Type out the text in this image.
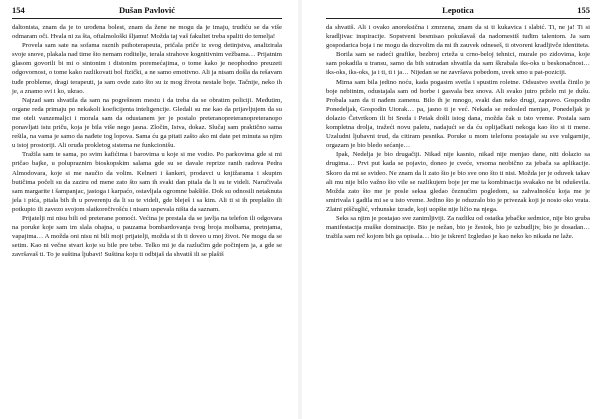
154	Dušan Pavlović

daltonista, znam da je to urođena bolest, znam da ženе ne mogu da je imaju, trudiću se da više odmaram oči. Hvala ni za šta, oftalmološki šljamu! Možda taj vaš fakultet treba spaliti do temelja!

Provela sam sate na sofama raznih psihoterapeuta, pričala priče iz svog detinjstva, analizirala svoje snove, plakala nad time što nemam roditelje, terala strahove kognitivnim vežbama… Prijatnim glasom govorili bi mi o sintonim i distonim poremećajima, o tome kako je neophodno preuzeti odgovornost, o tome kako razlikovati bol fizički, a ne samo emotivno. Ali ja nisam došla da rešavam tuđe probleme, dragi terapeuti, ja sam ovde zato što su iz mog života nestale boje. Tačnije, neko ih je, a znamo svi i ko, ukrao.

Najzad sam shvatila da sam na pogrešnom mestu i da treba da se obratim policiji. Međutim, organe reda primaju po nekakoli koeficijenta inteligencije. Gledali su me kao da prijavljujem da su me oteli vanzemaljci i morala sam da odustanem jer je postalo preteranopreteranopreteranopo ponavljati istu priču, koja je bila više nego jasna. Zločin, Istva, dokaz. Slučaj sam praktično sama rešila, na vama je samo da nađete tog lopova. Sama ću ga pitati zašto ako mi date pet minuta sa njim u istoj prostoriji. Ali oruđa prokletog sistema ne funkcionišu.

Tražila sam te sama, po svim kafićima i barovima u koje si me vodio. Po parkovima gde si mi pričao bajke, u polupraznim bioskopskim salama gde su se davale reprize ranih radova Pedra Almodovara, koje si me naučio da volim. Kelneri i šankeri, prodavci u knjižarama i skupim butičima počeli su da zaziru od mene zato što sam ih svaki dan pitala da li su te videli. Naručivala sam margarite i šampanjac, jastoga i karpaćo, ostavljala ogromne bakšiše. Dok su odnosili netaknuta jela i pića, pitala bih ih u poverenju da li su te videli, gde bleješ i sa kim. Ali ti si ih preplašio ili potkupio ili zavezo svojom slatkorečivošću i nisam uspevala ništa da saznam.

Prijatelji mi nisu bili od preterane pomoći. Većina je prestala da se javlja na telefon ili odgovara na poruke koje sam im slala ohajna, u pauzama bombardovanja tvog broja molbama, pretnjama, vapajima… A možda oni nisu ni bili moji prijatelji, možda si ih ti doveo u moj život. Ne mogu da se setim. Kao ni večne stvari koje su bile pre tebe. Telko mi je da razlučim gde počinjem ja, a gde se završavaš ti. To je suštinа ljubavi! Suština koju ti odbijaš da shvatiš ili se plašiš

Lepotica	155

da shvatiš. Ali i ovako anoreksična i zmrzena, znam da si ti kukavica i slabić. Ti, ne ja! Ti si kradljivac inspiracije. Sopstveni besmisao pokušavaš da nadomestiš tuđim talentom. Ja sam gospodarica boja i ne mogu da dozvolim da mi ih zauvek odneseš, ti otvoreni kradljivče identiteta.

Borila sam se radeći grafike, bezbroj crteža u crno-beloj tehnici, murale po zidovima, koje sam pokadila u transu, samo da bih sutradan shvatila da sam škrabala iks-oks u beskonačnost… iks-oks, iks-oks, ja i ti, ti i ja… Nijedan se ne završava pobedom, uvek smo u pat-poziciji.

Mirna sam bila jedino noću, kada pogasim svetla i spustim roletne. Odsustvo svetla činilo je boje nebitnim, odustajala sam od borbe i gasvala bez snova. Ali svako jutro prželo mi je dušu. Probala sam da ti nađem zamenu. Bilo ih je mnogo, svaki dan neko drugi, zapravo. Gospodin Ponedeljak, Gospodin Utorak… pa, jasno ti je već. Nekada se redosled menjao, Ponedeljak je dolazio Četvrtkom ili bi Sreda i Petak došli istog dana, možda čak u isto vreme. Postala sam kompletna droljа, tražeći novu paletu, nadajući se da ću oplijačkati nekoga kao što si ti mene. Uzaludni ljubavni trud, da citiram pesnika. Poruke u mom telefonu postajale su sve vulgarnije, orgazam je bio bledo sećanje…

Ipak, Nedelja je bio drugačiji. Nikad nije kasnio, nikad nije menjao dane, niti dolazio sa drugima… Prvi put kada se pojavio, doneo je cveće, vrsoma neobično za jebača sa aplikacije. Skoro da mi se svideo. Ne znam da li zato što je bio sve ono što ti nisi. Možda jer je oduvek takav ali mu nije bilo važno što vile se razlikujem boje jer me ta kombinacija svakako ne bi oduševila. Možda zato što me je posle seksa gledao čeznućim pogledom, sa zahvalnošću koja me je smirivala i gadila mi se u isto vreme. Jedino što je oduzralo bio je privezak koji je nosio oko vrata. Zlatni piščuglić, vrhunske izrade, koji uopšte nije ličio na njega.

Seks sa njim je postajao sve zanimljiviji. Za razliku od ostatka jebačke sedmice, nije bio gruba manifestacija muške dominacije. Bio je nežan, bio je žestok, bio je uzbudljiv, bio je dosadan… tražila sam reč kojom bih ga opisala… bio je iskren! Izgledao je kao neko ko nikada ne laže.
